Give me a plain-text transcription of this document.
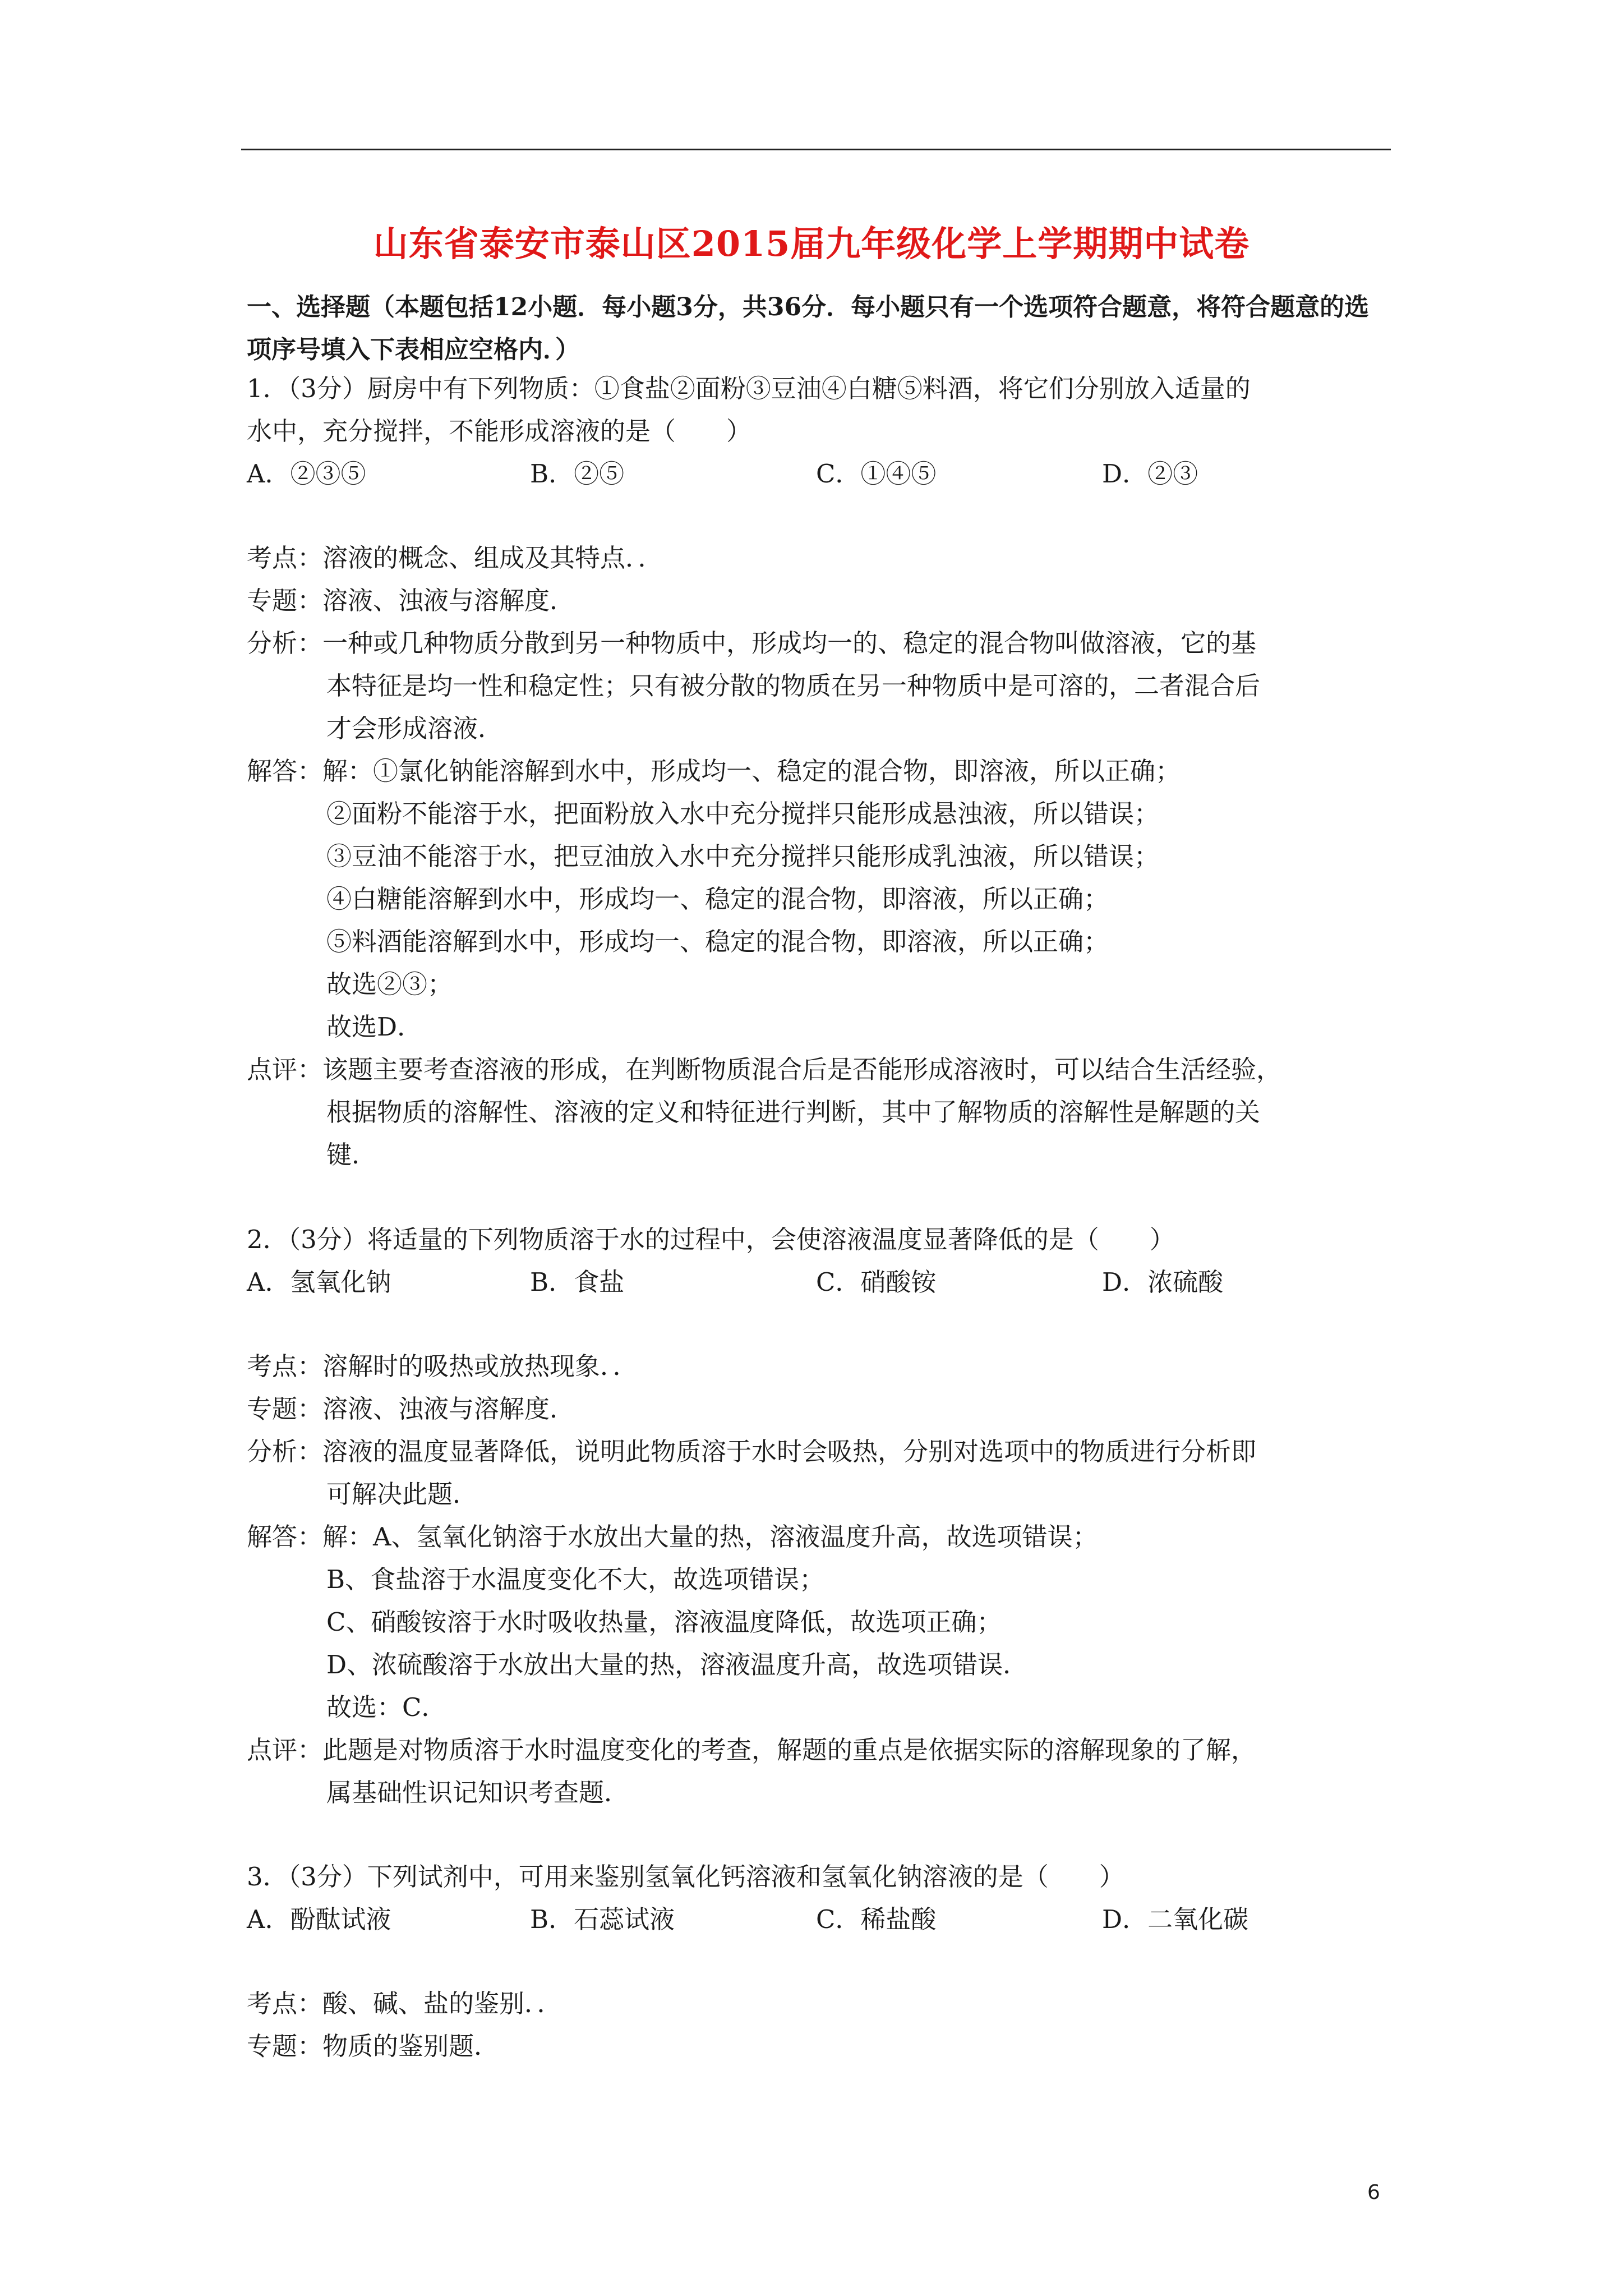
山东省泰安市泰山区2015届九年级化学上学期期中试卷
一、选择题（本题包括12小题．每小题3分，共36分．每小题只有一个选项符合题意，将符合题意的选项序号填入下表相应空格内．）
1．（3分）厨房中有下列物质：①食盐②面粉③豆油④白糖⑤料酒，将它们分别放入适量的
水中，充分搅拌，不能形成溶液的是（　　）
A．②③⑤	B．②⑤	C．①④⑤	D．②③
考点：溶液的概念、组成及其特点．．
专题：溶液、浊液与溶解度．
分析：一种或几种物质分散到另一种物质中，形成均一的、稳定的混合物叫做溶液，它的基
本特征是均一性和稳定性；只有被分散的物质在另一种物质中是可溶的，二者混合后
才会形成溶液．
解答：解：①氯化钠能溶解到水中，形成均一、稳定的混合物，即溶液，所以正确；
②面粉不能溶于水，把面粉放入水中充分搅拌只能形成悬浊液，所以错误；
③豆油不能溶于水，把豆油放入水中充分搅拌只能形成乳浊液，所以错误；
④白糖能溶解到水中，形成均一、稳定的混合物，即溶液，所以正确；
⑤料酒能溶解到水中，形成均一、稳定的混合物，即溶液，所以正确；
故选②③；
故选D．
点评：该题主要考查溶液的形成，在判断物质混合后是否能形成溶液时，可以结合生活经验，
根据物质的溶解性、溶液的定义和特征进行判断，其中了解物质的溶解性是解题的关
键．
2．（3分）将适量的下列物质溶于水的过程中，会使溶液温度显著降低的是（　　）
A．氢氧化钠	B．食盐	C．硝酸铵	D．浓硫酸
考点：溶解时的吸热或放热现象．．
专题：溶液、浊液与溶解度．
分析：溶液的温度显著降低，说明此物质溶于水时会吸热，分别对选项中的物质进行分析即
可解决此题．
解答：解：A、氢氧化钠溶于水放出大量的热，溶液温度升高，故选项错误；
B、食盐溶于水温度变化不大，故选项错误；
C、硝酸铵溶于水时吸收热量，溶液温度降低，故选项正确；
D、浓硫酸溶于水放出大量的热，溶液温度升高，故选项错误．
故选：C．
点评：此题是对物质溶于水时温度变化的考查，解题的重点是依据实际的溶解现象的了解，
属基础性识记知识考查题．
3．（3分）下列试剂中，可用来鉴别氢氧化钙溶液和氢氧化钠溶液的是（　　）
A．酚酞试液	B．石蕊试液	C．稀盐酸	D．二氧化碳
考点：酸、碱、盐的鉴别．．
专题：物质的鉴别题．
6
